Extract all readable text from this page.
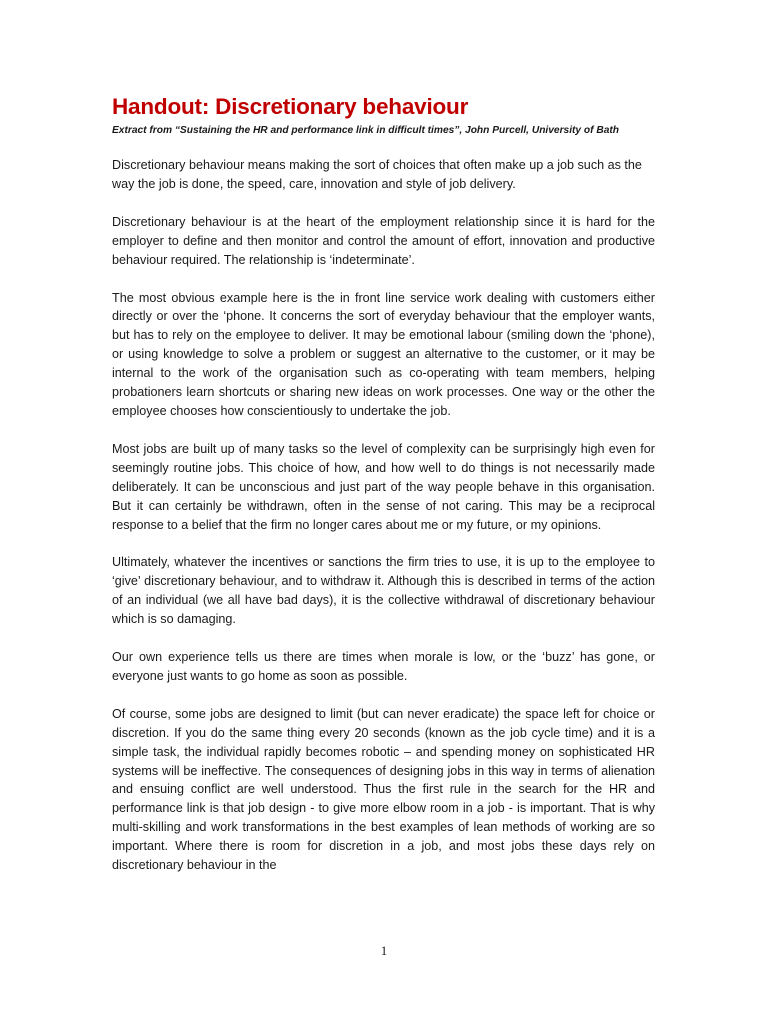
Handout: Discretionary behaviour
Extract from “Sustaining the HR and performance link in difficult times”, John Purcell, University of Bath

Discretionary behaviour means making the sort of choices that often make up a job such as the way the job is done, the speed, care, innovation and style of job delivery.

Discretionary behaviour is at the heart of the employment relationship since it is hard for the employer to define and then monitor and control the amount of effort, innovation and productive behaviour required. The relationship is ‘indeterminate’.

The most obvious example here is the in front line service work dealing with customers either directly or over the ‘phone. It concerns the sort of everyday behaviour that the employer wants, but has to rely on the employee to deliver. It may be emotional labour (smiling down the ‘phone), or using knowledge to solve a problem or suggest an alternative to the customer, or it may be internal to the work of the organisation such as co-operating with team members, helping probationers learn shortcuts or sharing new ideas on work processes. One way or the other the employee chooses how conscientiously to undertake the job.

Most jobs are built up of many tasks so the level of complexity can be surprisingly high even for seemingly routine jobs. This choice of how, and how well to do things is not necessarily made deliberately. It can be unconscious and just part of the way people behave in this organisation. But it can certainly be withdrawn, often in the sense of not caring. This may be a reciprocal response to a belief that the firm no longer cares about me or my future, or my opinions.

Ultimately, whatever the incentives or sanctions the firm tries to use, it is up to the employee to ‘give’ discretionary behaviour, and to withdraw it. Although this is described in terms of the action of an individual (we all have bad days), it is the collective withdrawal of discretionary behaviour which is so damaging.

Our own experience tells us there are times when morale is low, or the ‘buzz’ has gone, or everyone just wants to go home as soon as possible.

Of course, some jobs are designed to limit (but can never eradicate) the space left for choice or discretion. If you do the same thing every 20 seconds (known as the job cycle time) and it is a simple task, the individual rapidly becomes robotic – and spending money on sophisticated HR systems will be ineffective. The consequences of designing jobs in this way in terms of alienation and ensuing conflict are well understood. Thus the first rule in the search for the HR and performance link is that job design - to give more elbow room in a job - is important. That is why multi-skilling and work transformations in the best examples of lean methods of working are so important. Where there is room for discretion in a job, and most jobs these days rely on discretionary behaviour in the

1
